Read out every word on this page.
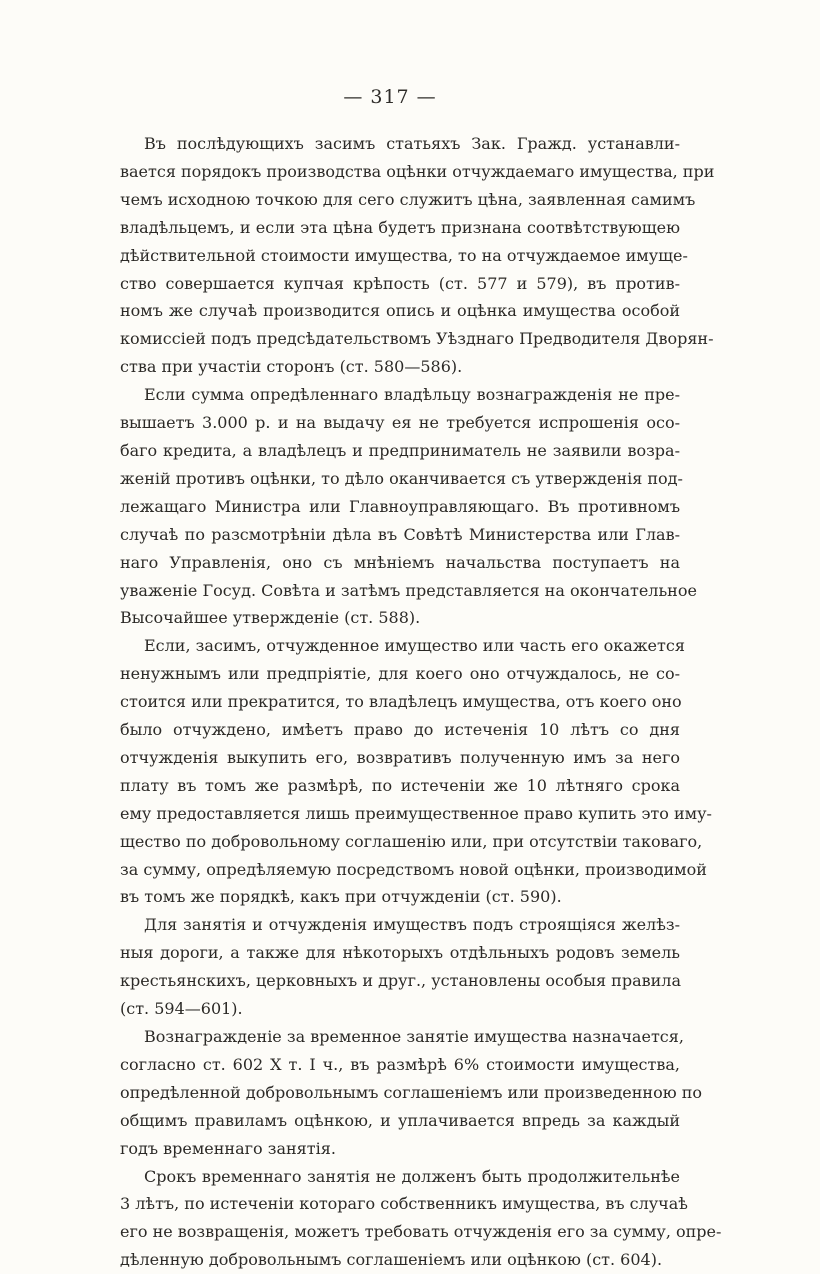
— 317 —
Въ послѣдующихъ засимъ статьяхъ Зак. Гражд. устанавли-
вается порядокъ производства оцѣнки отчуждаемаго имущества, при
чемъ исходною точкою для сего служитъ цѣна, заявленная самимъ
владѣльцемъ, и если эта цѣна будетъ признана соотвѣтствующею
дѣйствительной стоимости имущества, то на отчуждаемое имуще-
ство совершается купчая крѣпость (ст. 577 и 579), въ против-
номъ же случаѣ производится опись и оцѣнка имущества особой
комиссіей подъ предсѣдательствомъ Уѣзднаго Предводителя Дворян-
ства при участіи сторонъ (ст. 580—586).
Если сумма опредѣленнаго владѣльцу вознагражденія не пре-
вышаетъ 3.000 р. и на выдачу ея не требуется испрошенія осо-
баго кредита, а владѣлецъ и предприниматель не заявили возра-
женій противъ оцѣнки, то дѣло оканчивается съ утвержденія под-
лежащаго Министра или Главноуправляющаго. Въ противномъ
случаѣ по разсмотрѣніи дѣла въ Совѣтѣ Министерства или Глав-
наго Управленія, оно съ мнѣніемъ начальства поступаетъ на
уваженіе Госуд. Совѣта и затѣмъ представляется на окончательное
Высочайшее утвержденіе (ст. 588).
Если, засимъ, отчужденное имущество или часть его окажется
ненужнымъ или предпріятіе, для коего оно отчуждалось, не со-
стоится или прекратится, то владѣлецъ имущества, отъ коего оно
было отчуждено, имѣетъ право до истеченія 10 лѣтъ со дня
отчужденія выкупить его, возвративъ полученную имъ за него
плату въ томъ же размѣрѣ, по истеченіи же 10 лѣтняго срока
ему предоставляется лишь преимущественное право купить это иму-
щество по добровольному соглашенію или, при отсутствіи таковаго,
за сумму, опредѣляемую посредствомъ новой оцѣнки, производимой
въ томъ же порядкѣ, какъ при отчужденіи (ст. 590).
Для занятія и отчужденія имуществъ подъ строящіяся желѣз-
ныя дороги, а также для нѣкоторыхъ отдѣльныхъ родовъ земель
крестьянскихъ, церковныхъ и друг., установлены особыя правила
(ст. 594—601).
Вознагражденіе за временное занятіе имущества назначается,
согласно ст. 602 X т. I ч., въ размѣрѣ 6% стоимости имущества,
опредѣленной добровольнымъ соглашеніемъ или произведенною по
общимъ правиламъ оцѣнкою, и уплачивается впредь за каждый
годъ временнаго занятія.
Срокъ временнаго занятія не долженъ быть продолжительнѣе
3 лѣтъ, по истеченіи котораго собственникъ имущества, въ случаѣ
его не возвращенія, можетъ требовать отчужденія его за сумму, опре-
дѣленную добровольнымъ соглашеніемъ или оцѣнкою (ст. 604).
